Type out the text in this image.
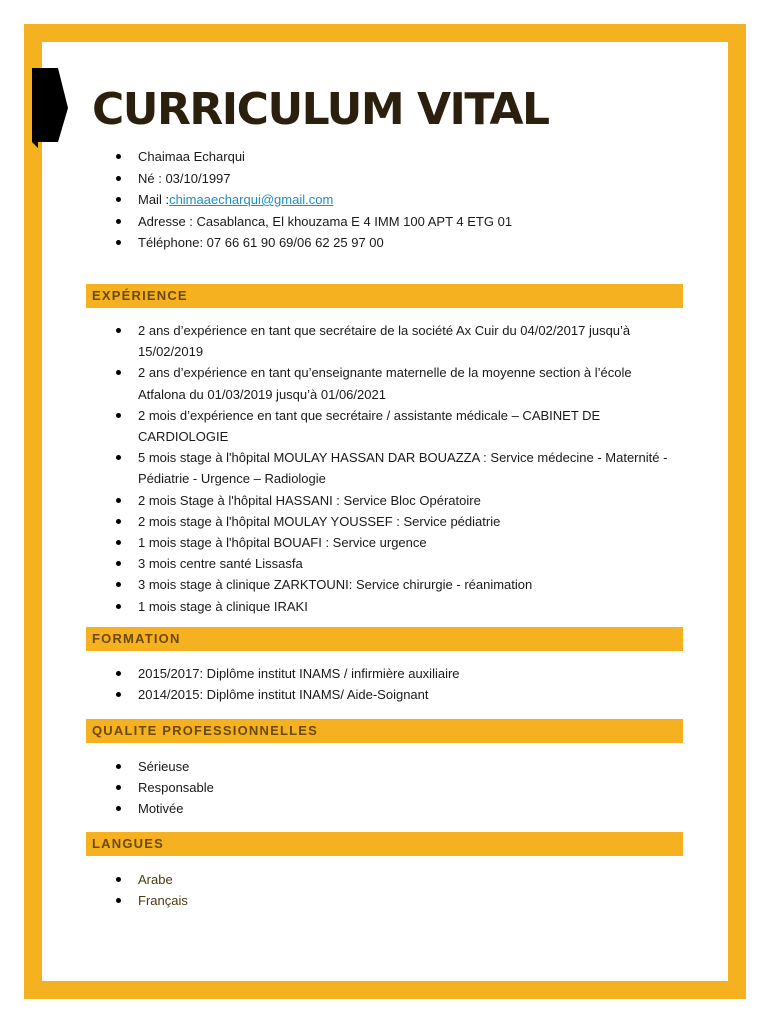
CURRICULUM VITAL
Chaimaa Echarqui
Né : 03/10/1997
Mail :chimaaecharqui@gmail.com
Adresse : Casablanca, El khouzama E 4 IMM 100 APT 4 ETG 01
Téléphone: 07 66 61 90 69/06 62 25 97 00
EXPÉRIENCE
2 ans d’expérience en tant que secrétaire de la société Ax Cuir du 04/02/2017 jusqu’à 15/02/2019
2 ans d’expérience en tant qu’enseignante maternelle de la moyenne section à l’école Atfalona du 01/03/2019 jusqu’à 01/06/2021
2 mois d’expérience en tant que secrétaire / assistante médicale – CABINET DE CARDIOLOGIE
5 mois stage à l'hôpital MOULAY HASSAN DAR BOUAZZA : Service médecine - Maternité - Pédiatrie - Urgence – Radiologie
2 mois Stage à l'hôpital HASSANI : Service Bloc Opératoire
2 mois stage à l'hôpital MOULAY YOUSSEF : Service pédiatrie
1 mois stage à l'hôpital BOUAFI : Service urgence
3 mois centre santé Lissasfa
3 mois stage à clinique ZARKTOUNI: Service chirurgie - réanimation
1 mois stage à clinique IRAKI
FORMATION
2015/2017: Diplôme institut INAMS / infirmière auxiliaire
2014/2015: Diplôme institut INAMS/ Aide-Soignant
QUALITE PROFESSIONNELLES
Sérieuse
Responsable
Motivée
LANGUES
Arabe
Français
